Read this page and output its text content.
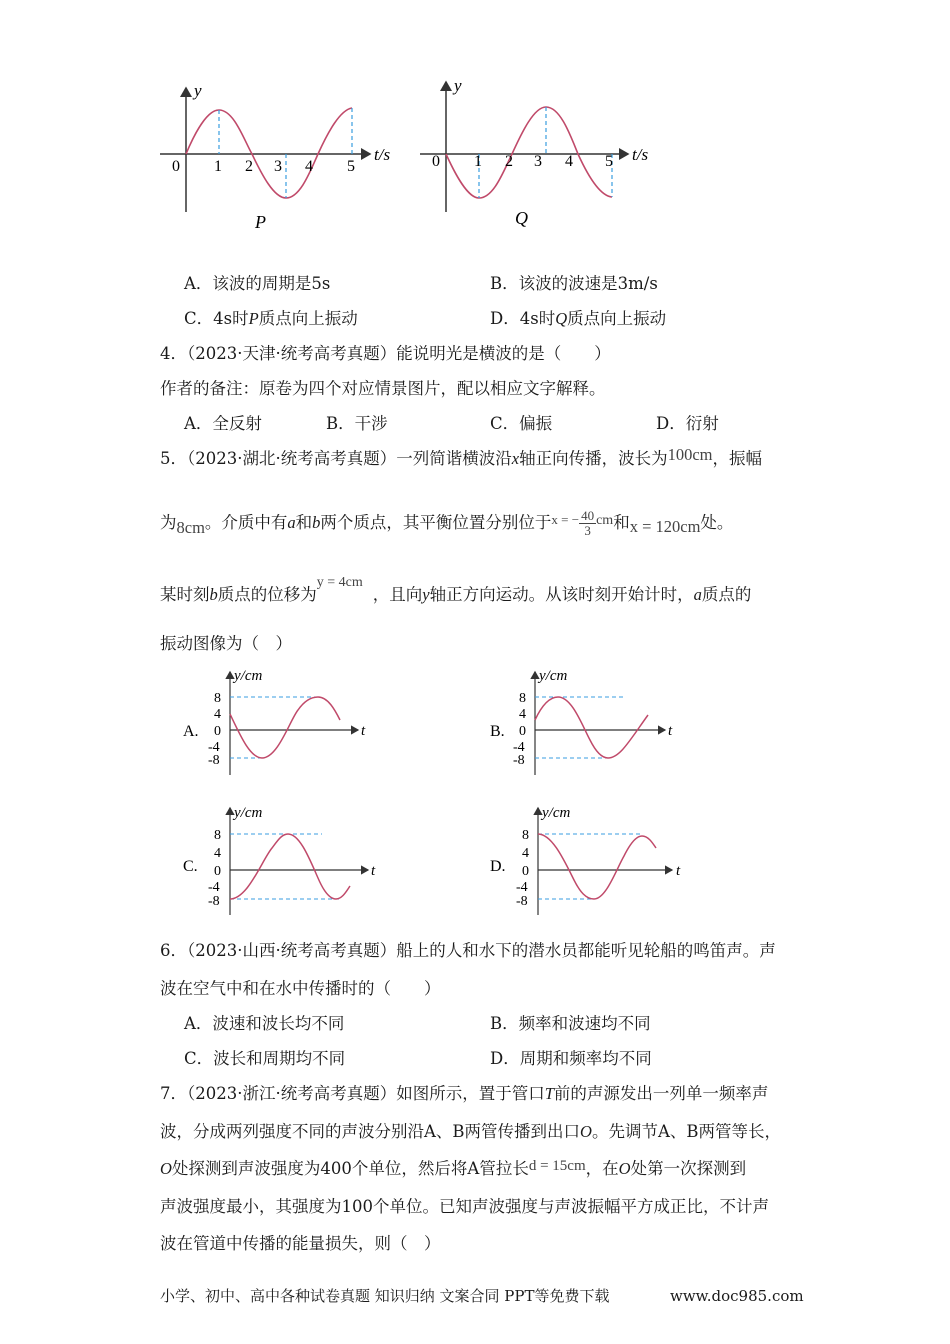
y
0 1 2 3 4 5
t/s
P
y
0 1 2 3 4 5 t/s
Q
A．该波的周期是5s	B．该波的波速是3m/s
C．4s时P质点向上振动	D．4s时Q质点向上振动
4．（2023·天津·统考高考真题）能说明光是横波的是（　　）
作者的备注：原卷为四个对应情景图片，配以相应文字解释。
A．全反射	B．干涉	C．偏振	D．衍射
5．（2023·湖北·统考高考真题）一列简谐横波沿x轴正向传播，波长为100cm，振幅
为8cm。介质中有a和b两个质点，其平衡位置分别位于$^{x = -} \frac{40}{3} ^{cm}$和x = 120cm处。
某时刻b质点的位移为y = 4cm，且向y轴正方向运动。从该时刻开始计时，a质点的
振动图像为（　）
A.
y/cm
t
8
4
0
-4
-8
B.
y/cm
t
8
4
0
-4
-8
C.
y/cm
t
8
4
0
-4
-8
D.
y/cm
t
8
4
0
-4
-8
6．（2023·山西·统考高考真题）船上的人和水下的潜水员都能听见轮船的鸣笛声。声
波在空气中和在水中传播时的（　　）
A．波速和波长均不同	B．频率和波速均不同
C．波长和周期均不同	D．周期和频率均不同
7．（2023·浙江·统考高考真题）如图所示，置于管口T前的声源发出一列单一频率声
波，分成两列强度不同的声波分别沿A、B两管传播到出口O。先调节A、B两管等长，
O处探测到声波强度为400个单位，然后将A管拉长d = 15cm，在O处第一次探测到
声波强度最小，其强度为100个单位。已知声波强度与声波振幅平方成正比，不计声
波在管道中传播的能量损失，则（　）
小学、初中、高中各种试卷真题 知识归纳 文案合同 PPT等免费下载	www.doc985.com
